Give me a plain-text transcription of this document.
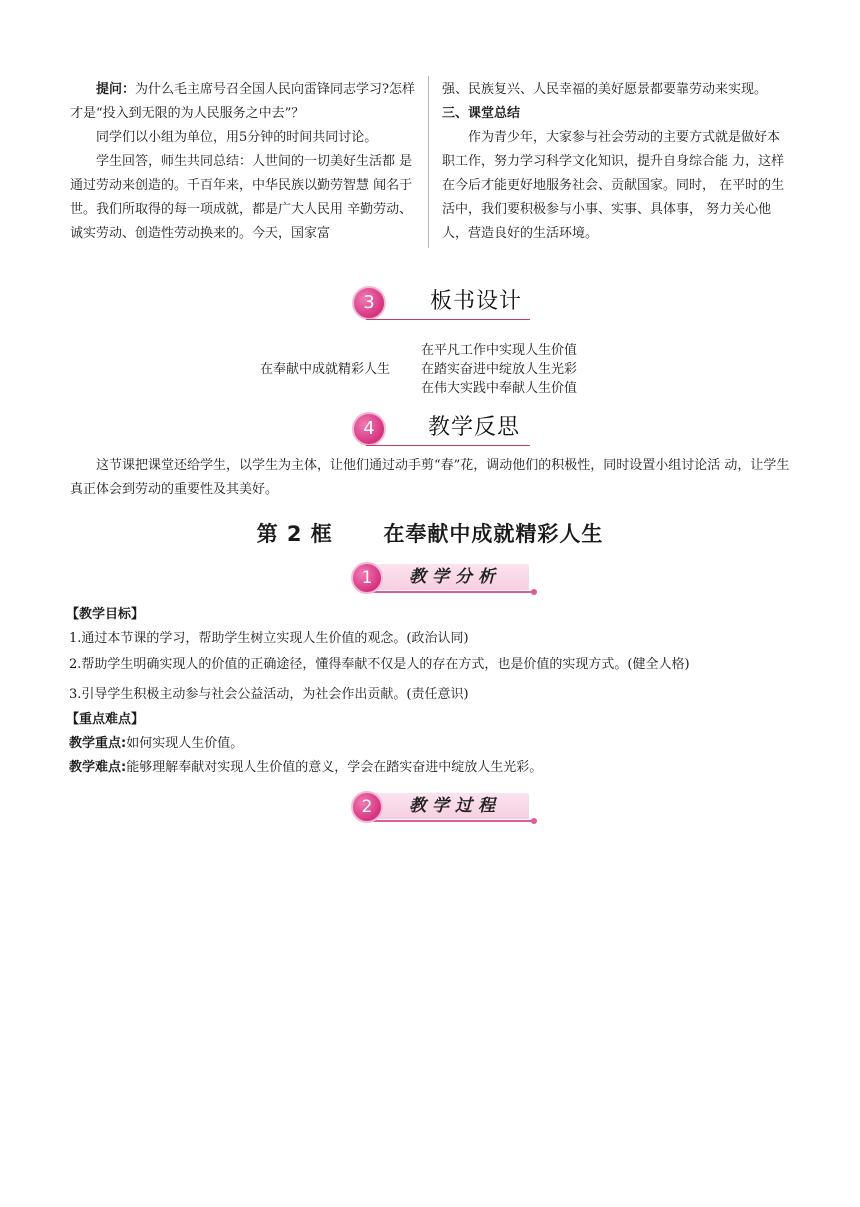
提问：为什么毛主席号召全国人民向雷锋同志学习?怎样才是“投入到无限的为人民服务之中去”？

同学们以小组为单位，用5分钟的时间共同讨论。

学生回答，师生共同总结：人世间的一切美好生活都 是通过劳动来创造的。千百年来，中华民族以勤劳智慧 闻名于世。我们所取得的每一项成就，都是广大人民用 辛勤劳动、诚实劳动、创造性劳动换来的。今天，国家富

强、民族复兴、人民幸福的美好愿景都要靠劳动来实现。

三、课堂总结

作为青少年，大家参与社会劳动的主要方式就是做好本职工作，努力学习科学文化知识，提升自身综合能 力，这样在今后才能更好地服务社会、贡献国家。同时， 在平时的生活中，我们要积极参与小事、实事、具体事， 努力关心他人，营造良好的生活环境。

3	板书设计
在奉献中成就精彩人生
在平凡工作中实现人生价值
在踏实奋进中绽放人生光彩
在伟大实践中奉献人生价值
4	教学反思
这节课把课堂还给学生，以学生为主体，让他们通过动手剪“春”花，调动他们的积极性，同时设置小组讨论活 动，让学生真正体会到劳动的重要性及其美好。
第 2 框 在奉献中成就精彩人生
1	教学分析

【教学目标】

1.通过本节课的学习，帮助学生树立实现人生价值的观念。(政治认同)

2.帮助学生明确实现人的价值的正确途径，懂得奉献不仅是人的存在方式，也是价值的实现方式。(健全人格)

3.引导学生积极主动参与社会公益活动，为社会作出贡献。(责任意识)

【重点难点】

教学重点:如何实现人生价值。

教学难点:能够理解奉献对实现人生价值的意义，学会在踏实奋进中绽放人生光彩。

2	教学过程
